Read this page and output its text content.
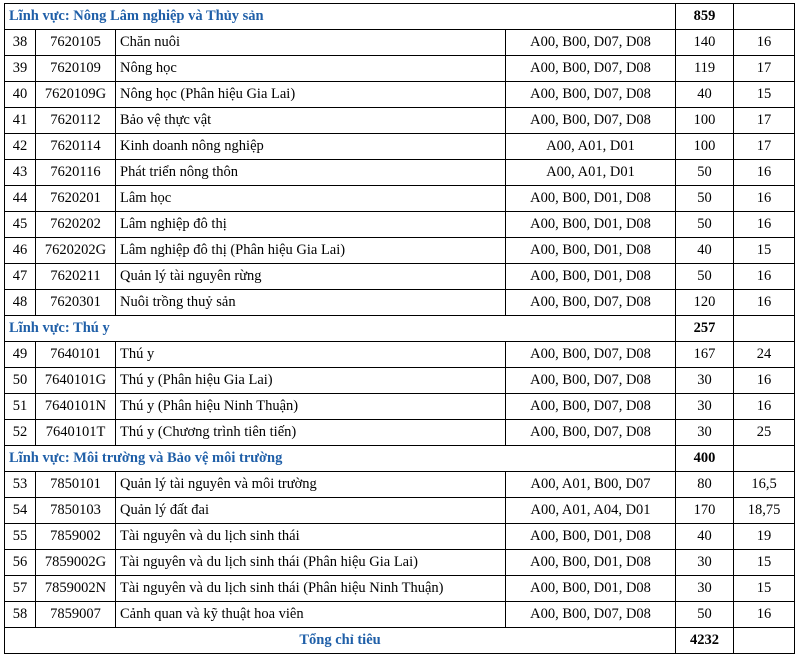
Lĩnh vực: Nông Lâm nghiệp và Thủy sản				859	
38	7620105	Chăn nuôi	A00, B00, D07, D08	140	16
39	7620109	Nông học	A00, B00, D07, D08	119	17
40	7620109G	Nông học (Phân hiệu Gia Lai)	A00, B00, D07, D08	40	15
41	7620112	Bảo vệ thực vật	A00, B00, D07, D08	100	17
42	7620114	Kinh doanh nông nghiệp	A00, A01, D01	100	17
43	7620116	Phát triển nông thôn	A00, A01, D01	50	16
44	7620201	Lâm học	A00, B00, D01, D08	50	16
45	7620202	Lâm nghiệp đô thị	A00, B00, D01, D08	50	16
46	7620202G	Lâm nghiệp đô thị (Phân hiệu Gia Lai)	A00, B00, D01, D08	40	15
47	7620211	Quản lý tài nguyên rừng	A00, B00, D01, D08	50	16
48	7620301	Nuôi trồng thuỷ sản	A00, B00, D07, D08	120	16
Lĩnh vực: Thú y				257	
49	7640101	Thú y	A00, B00, D07, D08	167	24
50	7640101G	Thú y (Phân hiệu Gia Lai)	A00, B00, D07, D08	30	16
51	7640101N	Thú y (Phân hiệu Ninh Thuận)	A00, B00, D07, D08	30	16
52	7640101T	Thú y (Chương trình tiên tiến)	A00, B00, D07, D08	30	25
Lĩnh vực: Môi trường và Bảo vệ môi trường				400	
53	7850101	Quản lý tài nguyên và môi trường	A00, A01, B00, D07	80	16,5
54	7850103	Quản lý đất đai	A00, A01, A04, D01	170	18,75
55	7859002	Tài nguyên và du lịch sinh thái	A00, B00, D01, D08	40	19
56	7859002G	Tài nguyên và du lịch sinh thái (Phân hiệu Gia Lai)	A00, B00, D01, D08	30	15
57	7859002N	Tài nguyên và du lịch sinh thái (Phân hiệu Ninh Thuận)	A00, B00, D01, D08	30	15
58	7859007	Cảnh quan và kỹ thuật hoa viên	A00, B00, D07, D08	50	16
Tổng chỉ tiêu				4232	
